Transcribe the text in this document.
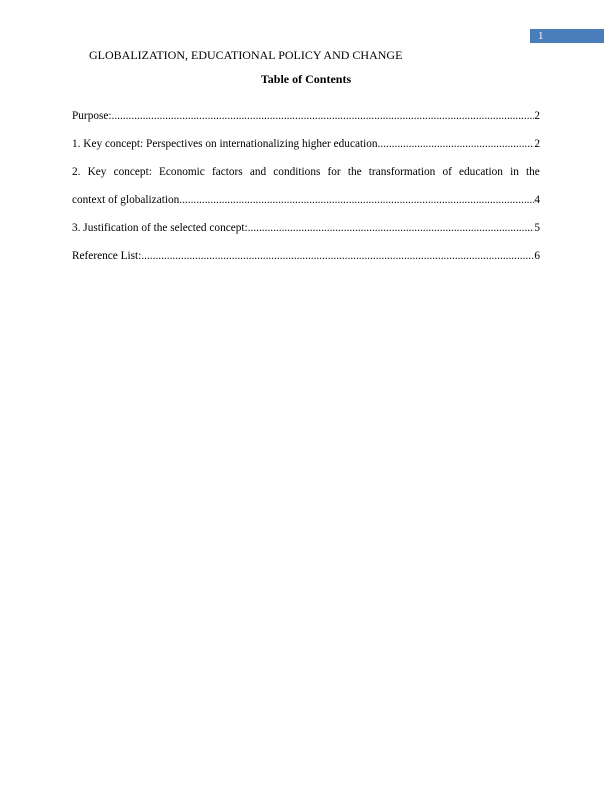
1
GLOBALIZATION, EDUCATIONAL POLICY AND CHANGE
Table of Contents
Purpose: .....	2
1. Key concept: Perspectives on internationalizing higher education .....	2
2. Key concept: Economic factors and conditions for the transformation of education in the
context of globalization .....	4
3. Justification of the selected concept: .....	5
Reference List: .....	6
